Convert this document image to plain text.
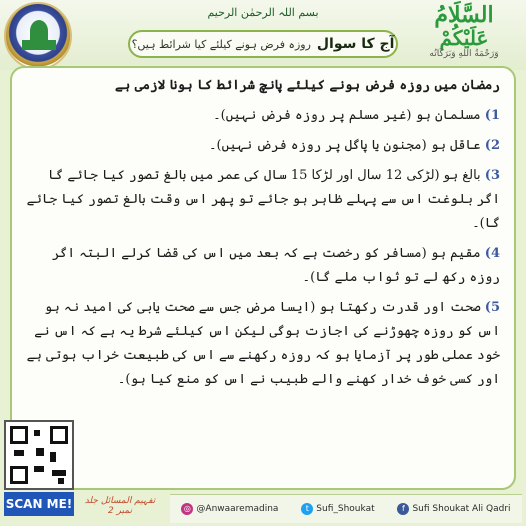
بسم اللہ الرحمٰن الرحیم	السَّلَامُ
عَلَیْکُمْ
وَرَحْمَةُ اللهِ وَبَرَكَاتُه
آج کا سوال
روزہ فرض ہونے کیلئے کیا شرائط ہیں؟
رمضان میں روزہ فرض ہونے کیلئے پانچ شرائط کا ہونا لازمی ہے
1) مسلمان ہو (غیر مسلم پر روزہ فرض نہیں)۔
2) عاقل ہو (مجنون یا پاگل پر روزہ فرض نہیں)۔
3) بالغ ہو (لڑکی 12 سال اور لڑکا 15 سال کی عمر میں بالغ تصور کیا جائے گا اگر بلوغت اس سے پہلے ظاہر ہو جائے تو پھر اس وقت بالغ تصور کیا جائے گا)۔
4) مقیم ہو (مسافر کو رخصت ہے کہ بعد میں اس کی قضا کرلے البتہ اگر روزہ رکھ لے تو ثواب ملے گا)۔
5) صحت اور قدرت رکھتا ہو (ایسا مرض جس سے صحت یابی کی امید نہ ہو اس کو روزہ چھوڑنے کی اجازت ہوگی لیکن اس کیلئے شرط یہ ہے کہ اس نے خود عملی طور پر آزمایا ہو کہ روزہ رکھنے سے اس کی طبیعت خراب ہوتی ہے اور کسی خوف خدار کھنے والے طبیب نے اس کو منع کیا ہو)۔
SCAN ME!	تفہیم المسائل جلد نمبر 2	◎ @Anwaaremadina	t Sufi_Shoukat	f Sufi Shoukat Ali Qadri
